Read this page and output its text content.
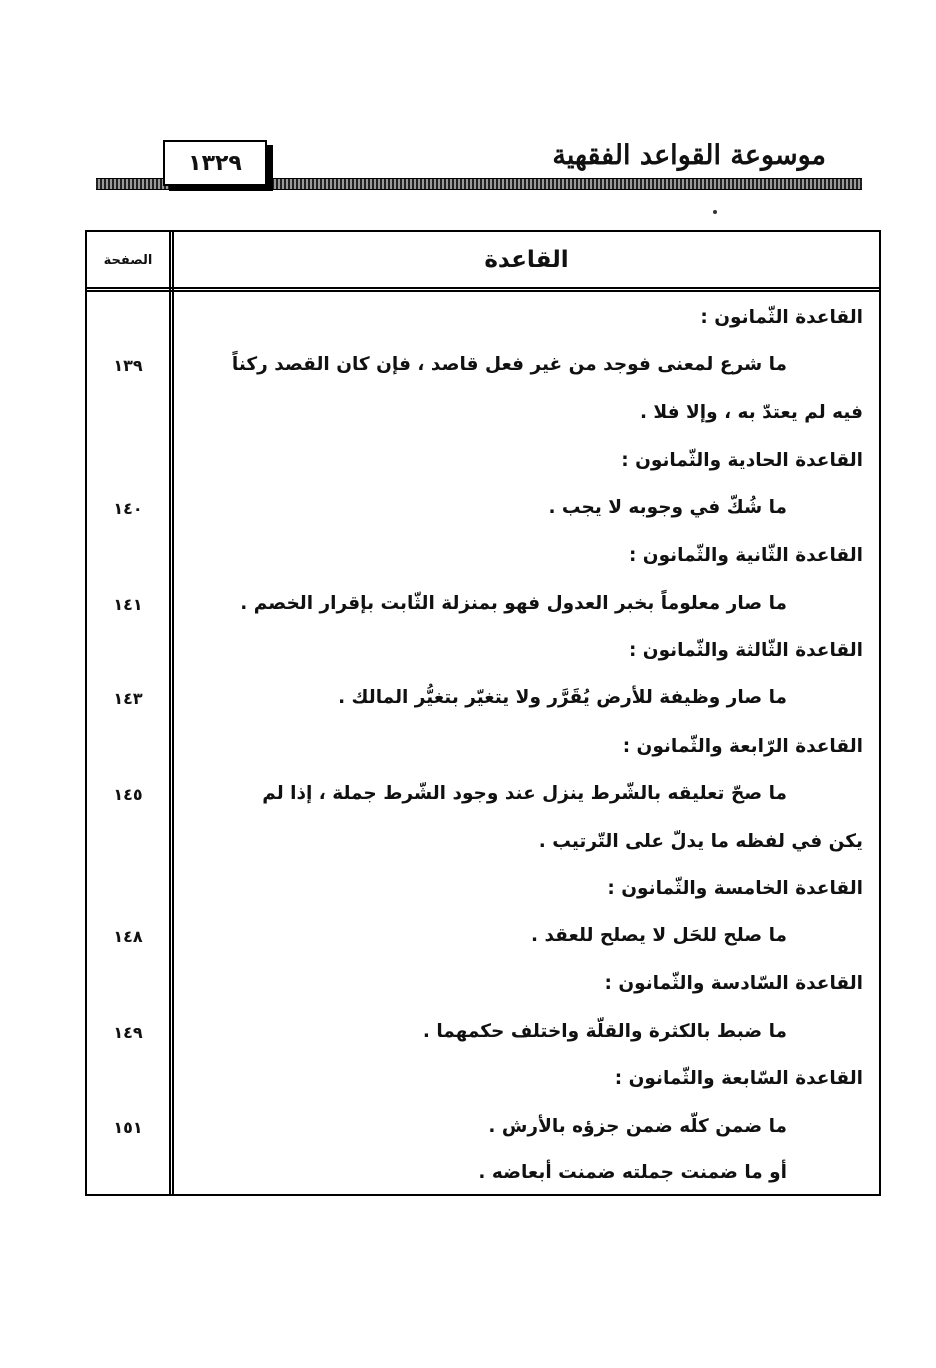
موسوعة القواعد الفقهية
١٣٢٩
القاعدة
الصفحة
القاعدة الثّمانون :
ما شرع لمعنى فوجد من غير فعل قاصد ، فإن كان القصد ركناً
١٣٩
فيه لم يعتدّ به ، وإلا فلا .
القاعدة الحادية والثّمانون :
ما شُكّ في وجوبه لا يجب .
١٤٠
القاعدة الثّانية والثّمانون :
ما صار معلوماً بخبر العدول فهو بمنزلة الثّابت بإقرار الخصم .
١٤١
القاعدة الثّالثة والثّمانون :
ما صار وظيفة للأرض يُقَرَّر ولا يتغيّر بتغيُّر المالك .
١٤٣
القاعدة الرّابعة والثّمانون :
ما صحّ تعليقه بالشّرط ينزل عند وجود الشّرط جملة ، إذا لم
١٤٥
يكن في لفظه ما يدلّ على التّرتيب .
القاعدة الخامسة والثّمانون :
ما صلح للحَل لا يصلح للعقد .
١٤٨
القاعدة السّادسة والثّمانون :
ما ضبط بالكثرة والقلّة واختلف حكمهما .
١٤٩
القاعدة السّابعة والثّمانون :
ما ضمن كلّه ضمن جزؤه بالأرش .
١٥١
أو ما ضمنت جملته ضمنت أبعاضه .
